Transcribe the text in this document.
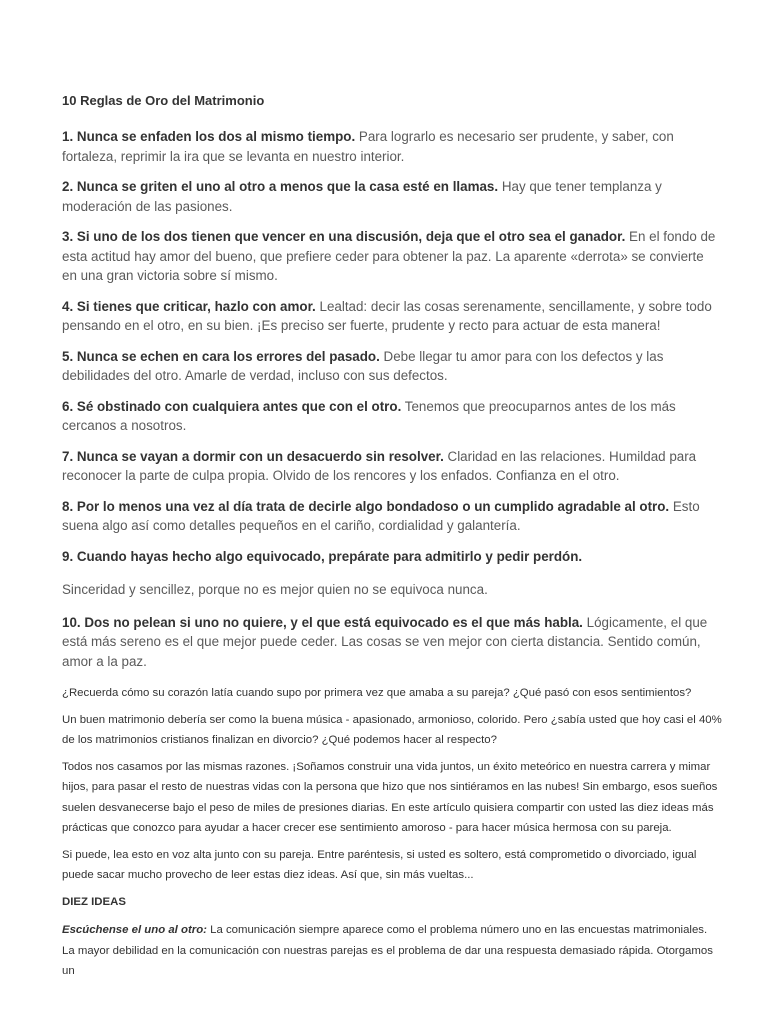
10 Reglas de Oro del Matrimonio

1. Nunca se enfaden los dos al mismo tiempo. Para lograrlo es necesario ser prudente, y saber, con fortaleza, reprimir la ira que se levanta en nuestro interior.

2. Nunca se griten el uno al otro a menos que la casa esté en llamas. Hay que tener templanza y moderación de las pasiones.

3. Si uno de los dos tienen que vencer en una discusión, deja que el otro sea el ganador. En el fondo de esta actitud hay amor del bueno, que prefiere ceder para obtener la paz. La aparente «derrota» se convierte en una gran victoria sobre sí mismo.

4. Si tienes que criticar, hazlo con amor. Lealtad: decir las cosas serenamente, sencillamente, y sobre todo pensando en el otro, en su bien. ¡Es preciso ser fuerte, prudente y recto para actuar de esta manera!

5. Nunca se echen en cara los errores del pasado. Debe llegar tu amor para con los defectos y las debilidades del otro. Amarle de verdad, incluso con sus defectos.

6. Sé obstinado con cualquiera antes que con el otro. Tenemos que preocuparnos antes de los más cercanos a nosotros.

7. Nunca se vayan a dormir con un desacuerdo sin resolver. Claridad en las relaciones. Humildad para reconocer la parte de culpa propia. Olvido de los rencores y los enfados. Confianza en el otro.

8. Por lo menos una vez al día trata de decirle algo bondadoso o un cumplido agradable al otro. Esto suena algo así como detalles pequeños en el cariño, cordialidad y galantería.

9. Cuando hayas hecho algo equivocado, prepárate para admitirlo y pedir perdón.

Sinceridad y sencillez, porque no es mejor quien no se equivoca nunca.

10. Dos no pelean si uno no quiere, y el que está equivocado es el que más habla. Lógicamente, el que está más sereno es el que mejor puede ceder. Las cosas se ven mejor con cierta distancia. Sentido común, amor a la paz.

¿Recuerda cómo su corazón latía cuando supo por primera vez que amaba a su pareja? ¿Qué pasó con esos sentimientos?

Un buen matrimonio debería ser como la buena música - apasionado, armonioso, colorido. Pero ¿sabía usted que hoy casi el 40% de los matrimonios cristianos finalizan en divorcio? ¿Qué podemos hacer al respecto?

Todos nos casamos por las mismas razones. ¡Soñamos construir una vida juntos, un éxito meteórico en nuestra carrera y mimar hijos, para pasar el resto de nuestras vidas con la persona que hizo que nos sintiéramos en las nubes! Sin embargo, esos sueños suelen desvanecerse bajo el peso de miles de presiones diarias. En este artículo quisiera compartir con usted las diez ideas más prácticas que conozco para ayudar a hacer crecer ese sentimiento amoroso - para hacer música hermosa con su pareja.

Si puede, lea esto en voz alta junto con su pareja. Entre paréntesis, si usted es soltero, está comprometido o divorciado, igual puede sacar mucho provecho de leer estas diez ideas. Así que, sin más vueltas...

DIEZ IDEAS

Escúchense el uno al otro: La comunicación siempre aparece como el problema número uno en las encuestas matrimoniales. La mayor debilidad en la comunicación con nuestras parejas es el problema de dar una respuesta demasiado rápida. Otorgamos un
